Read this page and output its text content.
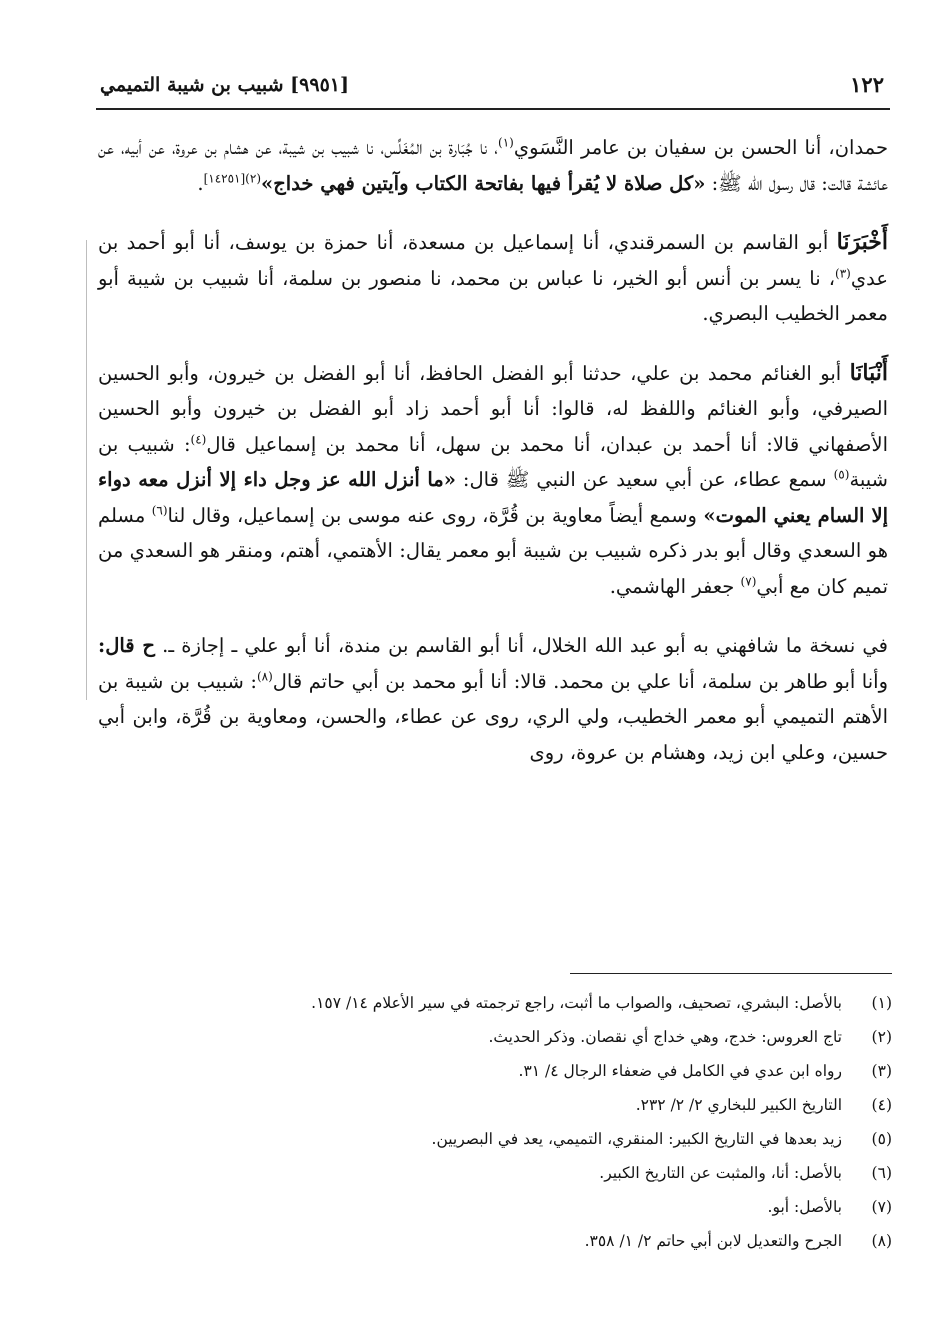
١٢٢
[٩٩٥١] شبيب بن شيبة التميمي

حمدان، أنا الحسن بن سفيان بن عامر النَّسَوي$^{(١)}$، نا جُبَارة بن المُغَلِّس، نا شبيب بن شيبة، عن هشام بن عروة، عن أبيه، عن عائشة قالت: قال رسول الله ﷺ: «كل صلاة لا يُقرأ فيها بفاتحة الكتاب وآيتين فهي خداج»$^{(٢)[١٤٢٥١]}$.

أَخْبَرَنَا أبو القاسم بن السمرقندي، أنا إسماعيل بن مسعدة، أنا حمزة بن يوسف، أنا أبو أحمد بن عدي$^{(٣)}$، نا يسر بن أنس أبو الخير، نا عباس بن محمد، نا منصور بن سلمة، أنا شبيب بن شيبة أبو معمر الخطيب البصري.

أَنْبَانَا أبو الغنائم محمد بن علي، حدثنا أبو الفضل الحافظ، أنا أبو الفضل بن خيرون، وأبو الحسين الصيرفي، وأبو الغنائم واللفظ له، قالوا: أنا أبو أحمد زاد أبو الفضل بن خيرون وأبو الحسين الأصفهاني قالا: أنا أحمد بن عبدان، أنا محمد بن سهل، أنا محمد بن إسماعيل قال$^{(٤)}$: شبيب بن شيبة$^{(٥)}$ سمع عطاء، عن أبي سعيد عن النبي ﷺ قال: «ما أنزل الله عز وجل داء إلا أنزل معه دواء إلا السام يعني الموت» وسمع أيضاً معاوية بن قُرَّة، روى عنه موسى بن إسماعيل، وقال لنا$^{(٦)}$ مسلم هو السعدي وقال أبو بدر ذكره شبيب بن شيبة أبو معمر يقال: الأهتمي، أهتم، ومنقر هو السعدي من تميم كان مع أبي$^{(٧)}$ جعفر الهاشمي.

في نسخة ما شافهني به أبو عبد الله الخلال، أنا أبو القاسم بن مندة، أنا أبو علي ـ إجازة ـ. ح قال: وأنا أبو طاهر بن سلمة، أنا علي بن محمد. قالا: أنا أبو محمد بن أبي حاتم قال$^{(٨)}$: شبيب بن شيبة بن الأهتم التميمي أبو معمر الخطيب، ولي الري، روى عن عطاء، والحسن، ومعاوية بن قُرَّة، وابن أبي حسين، وعلي ابن زيد، وهشام بن عروة، روى

(١)
بالأصل: البشري، تصحيف، والصواب ما أثبت، راجع ترجمته في سير الأعلام ١٤/ ١٥٧.
(٢)
تاج العروس: خدج، وهي خداج أي نقصان. وذكر الحديث.
(٣)
رواه ابن عدي في الكامل في ضعفاء الرجال ٤/ ٣١.
(٤)
التاريخ الكبير للبخاري ٢/ ٢/ ٢٣٢.
(٥)
زيد بعدها في التاريخ الكبير: المنقري، التميمي، يعد في البصريين.
(٦)
بالأصل: أنا، والمثبت عن التاريخ الكبير.
(٧)
بالأصل: أبو.
(٨)
الجرح والتعديل لابن أبي حاتم ٢/ ١/ ٣٥٨.
